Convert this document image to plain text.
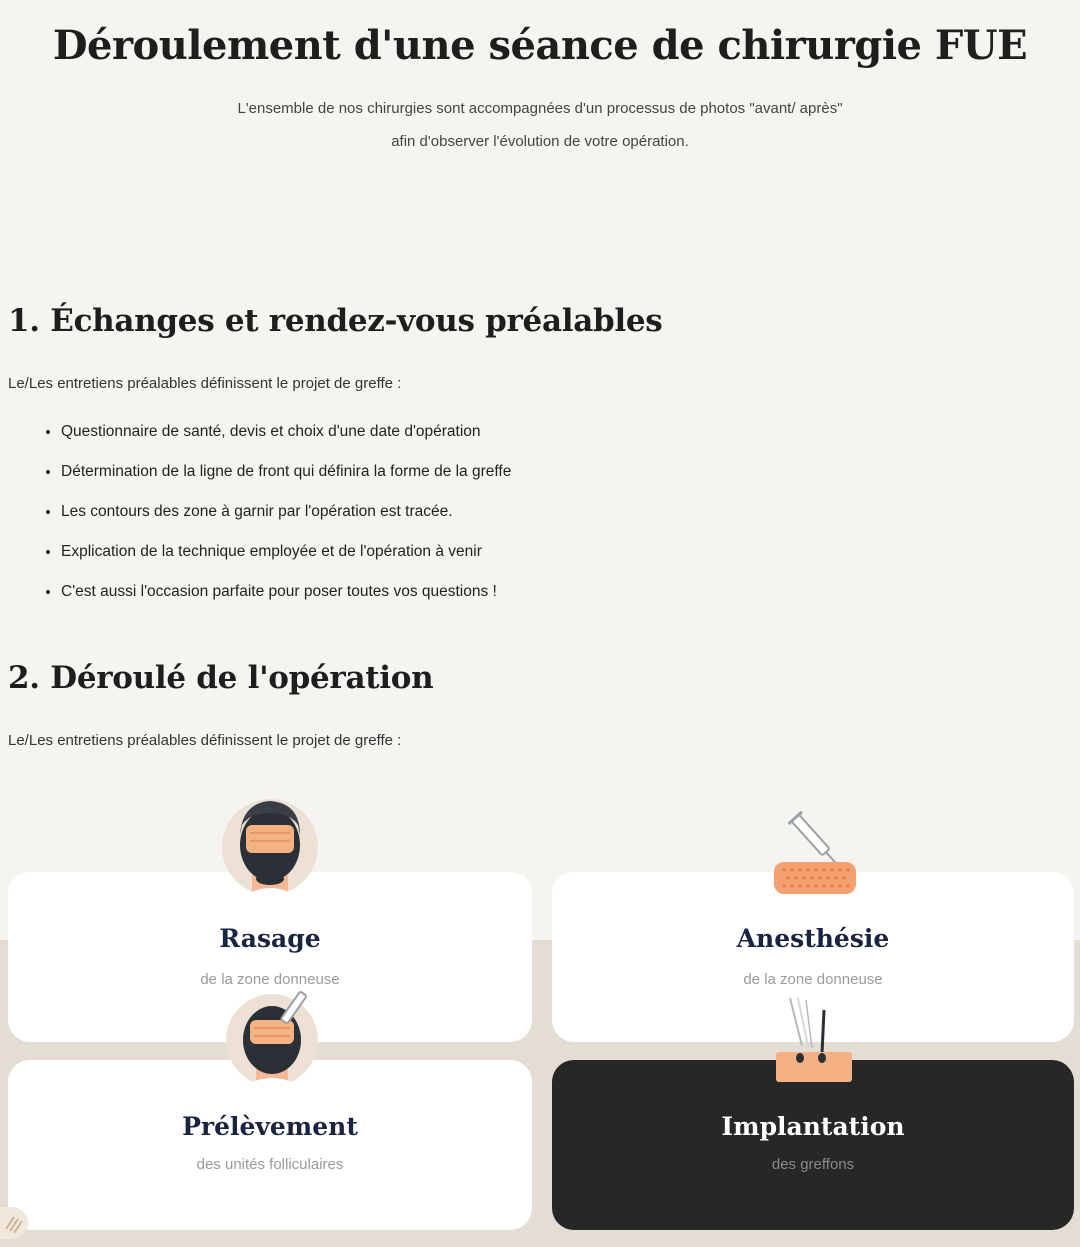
Déroulement d'une séance de chirurgie FUE

L'ensemble de nos chirurgies sont accompagnées d'un processus de photos "avant/ après"
afin d'observer l'évolution de votre opération.

1. Échanges et rendez-vous préalables

Le/Les entretiens préalables définissent le projet de greffe :

• Questionnaire de santé, devis et choix d'une date d'opération
• Détermination de la ligne de front qui définira la forme de la greffe
• Les contours des zone à garnir par l'opération est tracée.
• Explication de la technique employée et de l'opération à venir
• C'est aussi l'occasion parfaite pour poser toutes vos questions !
2. Déroulé de l'opération

Le/Les entretiens préalables définissent le projet de greffe :

Rasage

de la zone donneuse

Anesthésie

de la zone donneuse

Prélèvement

des unités folliculaires

Implantation

des greffons
